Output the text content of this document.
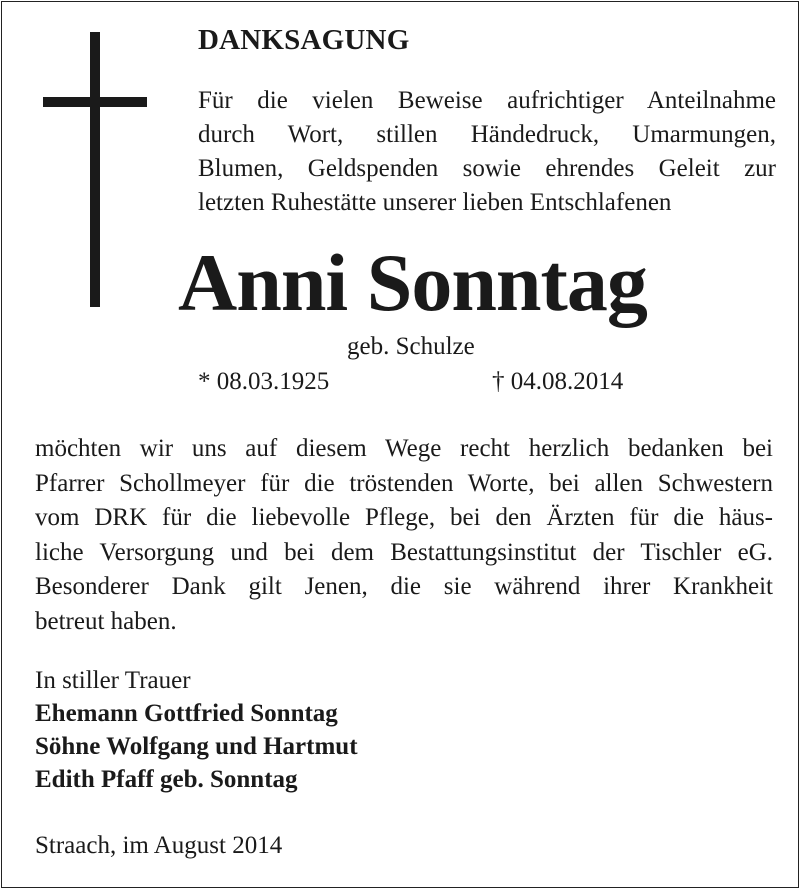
DANKSAGUNG
Für die vielen Beweise aufrichtiger Anteilnahme
durch Wort, stillen Händedruck, Umarmungen,
Blumen, Geldspenden sowie ehrendes Geleit zur
letzten Ruhestätte unserer lieben Entschlafenen
Anni Sonntag
geb. Schulze
* 08.03.1925	† 04.08.2014
möchten wir uns auf diesem Wege recht herzlich bedanken bei
Pfarrer Schollmeyer für die tröstenden Worte, bei allen Schwestern
vom DRK für die liebevolle Pflege, bei den Ärzten für die häus-
liche Versorgung und bei dem Bestattungsinstitut der Tischler eG.
Besonderer Dank gilt Jenen, die sie während ihrer Krankheit
betreut haben.
In stiller Trauer
Ehemann Gottfried Sonntag
Söhne Wolfgang und Hartmut
Edith Pfaff geb. Sonntag
Straach, im August 2014
